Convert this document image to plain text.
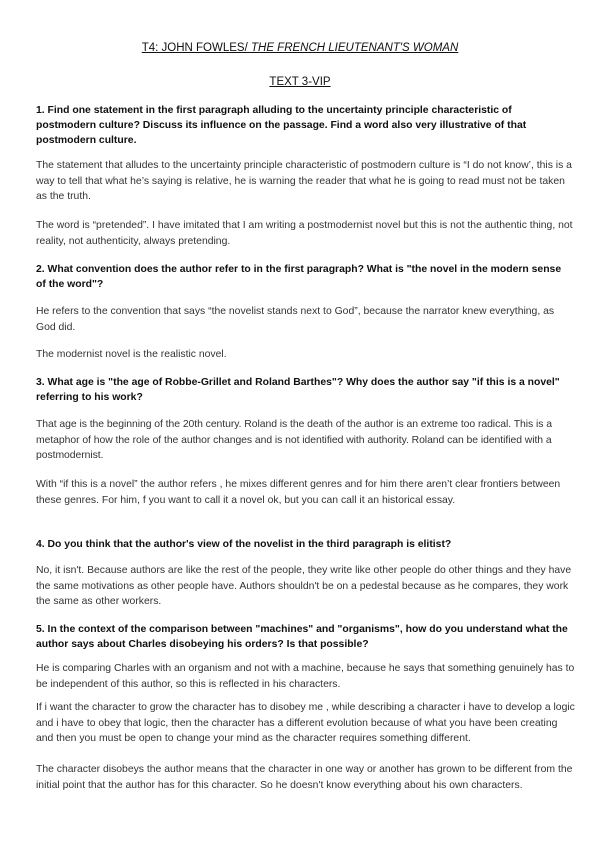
T4: JOHN FOWLES/ THE FRENCH LIEUTENANT'S WOMAN
TEXT 3-VIP

1. Find one statement in the first paragraph alluding to the uncertainty principle characteristic of postmodern culture? Discuss its influence on the passage. Find a word also very illustrative of that postmodern culture.

The statement that alludes to the uncertainty principle characteristic of postmodern culture is “I do not know’, this is a way to tell that what he’s saying is relative, he is warning the reader that what he is going to read must not be taken as the truth.

The word is “pretended”. I have imitated that I am writing a postmodernist novel but this is not the authentic thing, not reality, not authenticity, always pretending.

2. What convention does the author refer to in the first paragraph? What is "the novel in the modern sense of the word"?

He refers to the convention that says “the novelist stands next to God”, because the narrator knew everything, as God did.

The modernist novel is the realistic novel.

3. What age is "the age of Robbe-Grillet and Roland Barthes"? Why does the author say "if this is a novel" referring to his work?

That age is the beginning of the 20th century. Roland is the death of the author is an extreme too radical. This is a metaphor of how the role of the author changes and is not identified with authority. Roland can be identified with a postmodernist.

With “if this is a novel” the author refers , he mixes different genres and for him there aren’t clear frontiers between these genres. For him, f you want to call it a novel ok, but you can call it an historical essay.

4. Do you think that the author's view of the novelist in the third paragraph is elitist?

No, it isn't. Because authors are like the rest of the people, they write like other people do other things and they have the same motivations as other people have. Authors shouldn't be on a pedestal because as he compares, they work the same as other workers.

5. In the context of the comparison between "machines" and "organisms", how do you understand what the author says about Charles disobeying his orders? Is that possible?

He is comparing Charles with an organism and not with a machine, because he says that something genuinely has to be independent of this author, so this is reflected in his characters.

If i want the character to grow the character has to disobey me , while describing a character i have to develop a logic and i have to obey that logic, then the character has a different evolution because of what you have been creating and then you must be open to change your mind as the character requires something different.

The character disobeys the author means that the character in one way or another has grown to be different from the initial point that the author has for this character. So he doesn't know everything about his own characters.
